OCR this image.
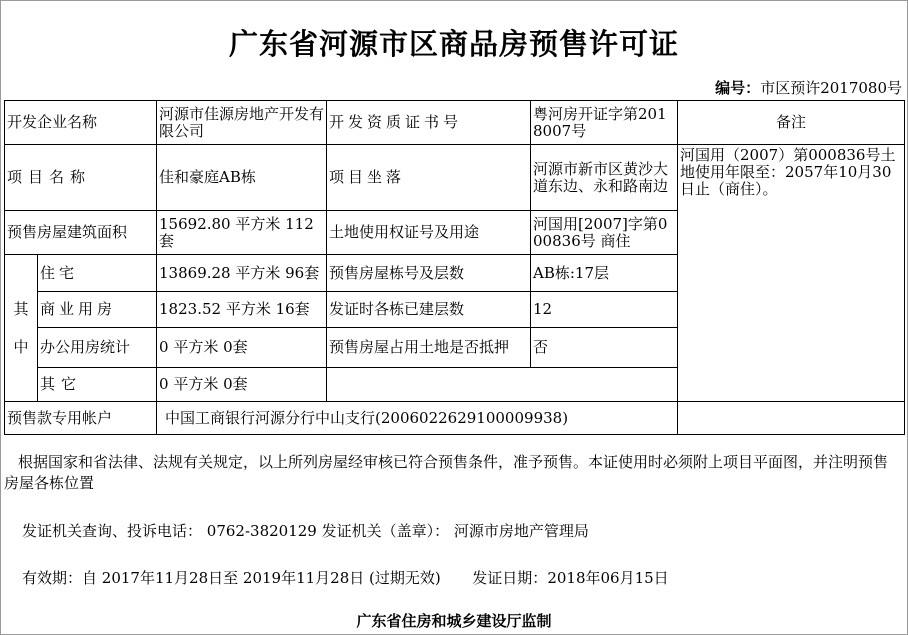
广东省河源市区商品房预售许可证
编号：市区预许2017080号
开发企业名称		河源市佳源房地产开发有限公司	开发资质证书号	粤河房开证字第2018007号	备注
项目名称		佳和豪庭AB栋	项目坐落	河源市新市区黄沙大道东边、永和路南边	河国用（2007）第000836号土地使用年限至：2057年10月30日止（商住）。
预售房屋建筑面积		15692.80 平方米 112套	土地使用权证号及用途	河国用[2007]字第000836号 商住	
其中	住宅	13869.28 平方米 96套	预售房屋栋号及层数	AB栋:17层	
	商业用房	1823.52 平方米 16套	发证时各栋已建层数	12	
	办公用房统计	0 平方米 0套	预售房屋占用土地是否抵押	否	
	其它	0 平方米 0套			
预售款专用帐户		中国工商银行河源分行中山支行(2006022629100009938)			
根据国家和省法律、法规有关规定，以上所列房屋经审核已符合预售条件，准予预售。本证使用时必须附上项目平面图，并注明预售房屋各栋位置
发证机关查询、投诉电话： 0762-3820129 发证机关（盖章）： 河源市房地产管理局
有效期：自 2017年11月28日至 2019年11月28日 (过期无效) 发证日期：2018年06月15日
广东省住房和城乡建设厅监制
